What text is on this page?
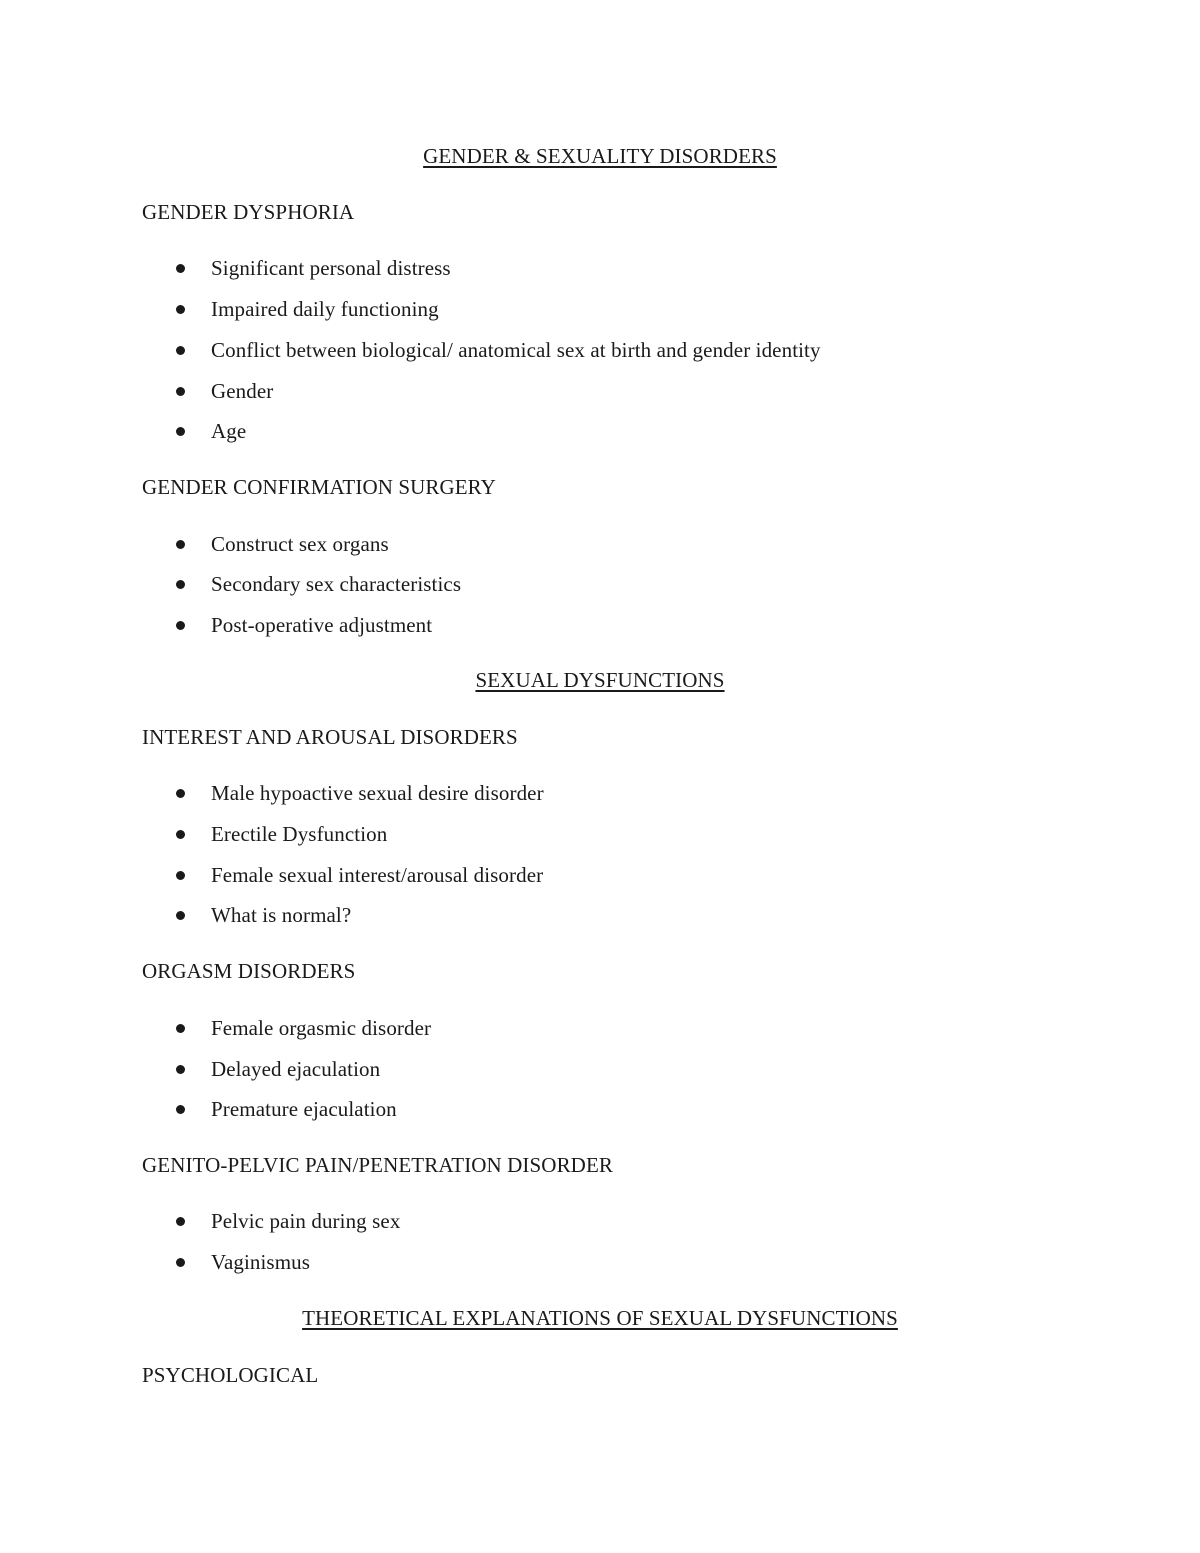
GENDER & SEXUALITY DISORDERS
GENDER DYSPHORIA
Significant personal distress
Impaired daily functioning
Conflict between biological/ anatomical sex at birth and gender identity
Gender
Age
GENDER CONFIRMATION SURGERY
Construct sex organs
Secondary sex characteristics
Post-operative adjustment
SEXUAL DYSFUNCTIONS
INTEREST AND AROUSAL DISORDERS
Male hypoactive sexual desire disorder
Erectile Dysfunction
Female sexual interest/arousal disorder
What is normal?
ORGASM DISORDERS
Female orgasmic disorder
Delayed ejaculation
Premature ejaculation
GENITO-PELVIC PAIN/PENETRATION DISORDER
Pelvic pain during sex
Vaginismus
THEORETICAL EXPLANATIONS OF SEXUAL DYSFUNCTIONS
PSYCHOLOGICAL
